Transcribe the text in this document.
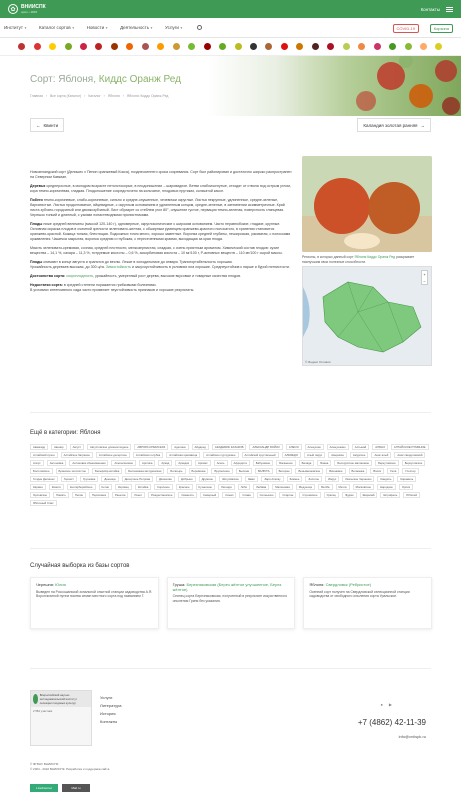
✿	ВНИИСПК
орёл • 1845	Контакты
Институт▼	Каталог сортов▼	Новости▼	Деятельность▼	Услуги▼	COVID-19	Корзина
Сорт: Яблоня, Киддс Оранж Ред
Главная › Все сорта (Каталог) › Каталог › Яблоня › Яблоня: Киддс Оранж Ред
← Квинти	Каландия золотая ранняя →

Новозеландский сорт (Делишес х Пепин оранжевый Кокса), позднеосеннего срока созревания. Сорт был районирован и достаточно широко распространен на Северном Кавказе.

Деревья среднерослые, в молодом возрасте нетолстокорые, в плодоношении – шаровидное. Ветви слабоизогнутые, отходят от ствола под острым углом, кора темно-коричневая, гладкая. Плодоношение сосредоточено на кольчатке, плодовых прутиках, кольчатой кассе.

Побеги темно-коричневые, слабо-коричневые, сильно и средне-опушенные, чечевички округлые. Листья некрупные, удлиненные, средне-зеленые, бархатистые. Листья продолговатые, яйцевидные, с округлым основанием и удлиненным концом, средне-зеленые, в затемнении асимметричные. Край листа зубчато-городчатый или двоякозубчатый. Лист образует со стеблем угол 80°, опушение густое, нервация темно-зеленая, поверхность глянцевая. Черешок тонкий и длинный, с узкими лопастевидными прилистниками.

Плоды ниже средней величины (массой 120-140 г), одномерные, округлоконические с широким основанием. Часто неравнобокие, гладкие, крупные. Основная окраска плодов в съемной зрелости зеленовато-желтая, с обширным румянцем оранжево-красного полосатого, в хранении становится оранжево-красной. Кожица тонкая, блестящая. Подкожных точек много, хорошо заметные. Воронка средней глубины, нешироская, узковатая, с полосками оржавления. Чашечка закрытая, воронка средняя и глубокая, с пересеченными краями, выходящая за края плода.

Мякоть зеленовато-кремовая, сочная, средней плотности, мелкозернистая, сладкая, с очень приятным ароматом. Химический состав плодов: сухие вещества – 14,1 %, сахара – 11,3 %, титруемые кислоты – 0,6 %, аскорбиновая кислота – 10 мг/100 г, Р-активных веществ – 110 мг/100 г сырой массы.

Плоды снимают в конце августа и хранятся до весны. Лежат в холодильнике до января. Транспортабельность хорошая.
Урожайность деревьев высокая, до 300 ц/га. Зимостойкость и засухоустойчивость в условиях юга хорошие. Среднеустойчив к парше и бурой пятнистости.

Достоинства сорта: скороплодность, урожайность, умеренный рост дерева, высокие вкусовые и товарные качества плодов.

Недостатки сорта: в средней степени поражается грибковыми болезнями.
В условиях интенсивного сада часто проявляет неустойчивость признаков и хорошие результаты.

Регионы, в которых данный сорт Яблоня Киддс Оранж Ред раскрывает наилучшим свои полезные способности.
+
−
© Яндекс Условия
Ещё в категории: Яблоня
Авангард	Авенир	Август	Августовское длинноплодное	АВРОРА КРЫМСКАЯ	Аделина	Айдаред	АКАДЕМИК КАЗАКОВ	АЛЕКСАНДР БОЙКО	АЛЕСЯ	Аленушка	Аленушкино	Алтынай	АЛМАЗ	АЛТАЙСКОЕ РУМЯНОЕ
Алтайский купон	Алтайское багряное	Алтайское десертное	Алтайская голубка	Алтайская красавица	Алтайское пурпуровое	Алтайский хрустальный	АЛЬБЕДО	Алый парус	Америкэн	Амурское	Анис алый	Анис свердловский
Апорт	Антоновка	Антоновка обыкновенная	Апельсиновое	Арктика	Аркад	Аркадик	Аромат	Асель	Афродита	Бабушкино	Баганенок	Балада	Баяна	Белорусское малиновое	Беркутовское	Беркутовское
Болотовское	Брянское золотистое	Бельфлёр-китайка	Бессемянка мичуринская	Богатырь	Боровинка	Брусничное	Былина	ВАЛЮТА	Ветеран	Веньяминовское	Вишнёвое	Волжанка	Вэлси	Гала	Глостер
Голден Делишес	Горнист	Грушовка	Денница	Десертное Петрова	Джонатан	Добрыня	Дружное	Жигулёвское	Завет	Заря Алатау	Зимнее	Золотое	Имрус	Июльское Черненко	Кандиль	Карамель
Кармен	Квинти	Кентерберийское	Кетни	Кировец	Китайка	Коричное	Красное	Кузнечное	Легенда	Лобо	Любава	Малиновка	Медуница	Мелба	Мечта	Московское	Народное	Орлик
Орловское	Память	Пепин	Персиянка	Ранетка	Ренет	Рождественское	Свежесть	Северный	Синап	Слава	Солнышко	Спартан	Строевское	Уралец	Фуджи	Шарапай	Штрифель	Юбилей
Яблочный Спас
Случайная выборка из базы сортов
Черешня: Юлия
Выведен на Россошанской зональной опытной станции садоводства А.Я. Ворончихиной путем посева семян местного сорта под названием Г.
Груша: Березняковская (Берез жёлтое улучшенное, Берез жёлтое)
Сеянец сорта Березняковская, полученный в результате искусственного опыления Гриня без указания.
Яблоня: Свердловск (Ребристое)
Осенний сорт получен на Свердловской селекционной станции садоводства от свободного опыления сорта Уральское.
Всероссийский научно-исследовательский институт селекции плодовых культур
2 581 участник
Услуги
Литература
История
Контакты
● ▶
+7 (4862) 42-11-39
info@vniispk.ru
© ФГБНУ ВНИИСПК
© 2004 - 2022 ВНИИСПК. Разработка и поддержка сайта.
LiveInternet	Mail.ru
